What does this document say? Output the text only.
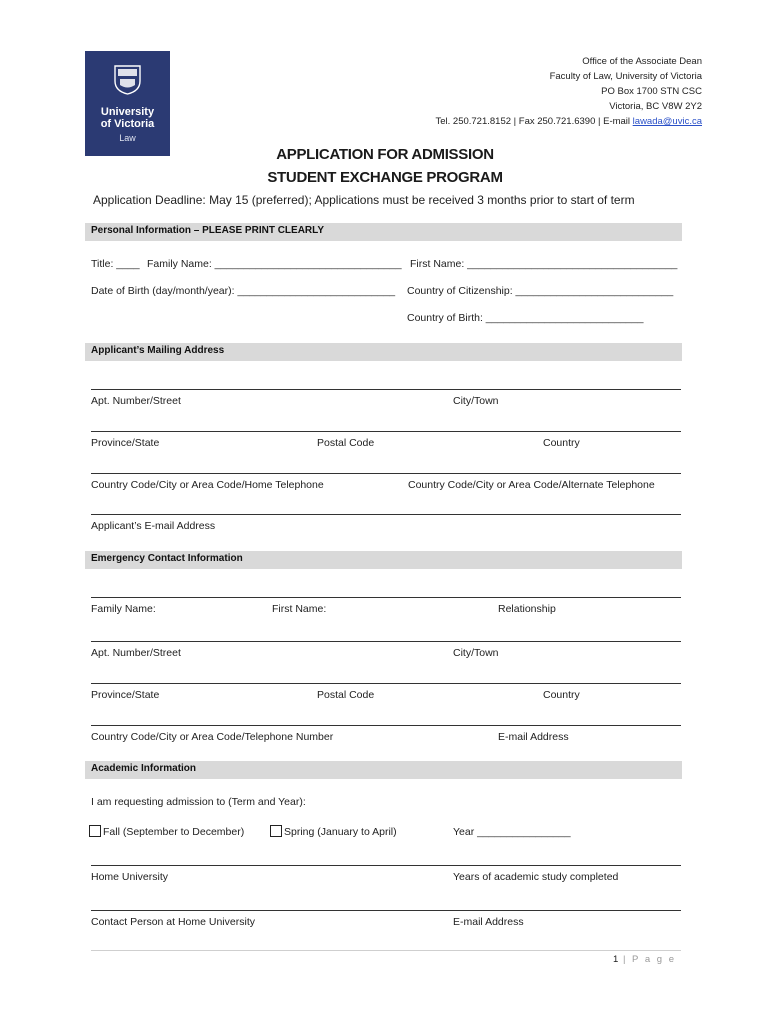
University
of Victoria
Law
Office of the Associate Dean
Faculty of Law, University of Victoria
PO Box 1700 STN CSC
Victoria, BC V8W 2Y2
Tel. 250.721.8152 | Fax 250.721.6390 | E-mail lawada@uvic.ca
APPLICATION FOR ADMISSION
STUDENT EXCHANGE PROGRAM
Application Deadline: May 15 (preferred); Applications must be received 3 months prior to start of term
Personal Information – PLEASE PRINT CLEARLY
Title: ____ Family Name: ________________________________ First Name: ____________________________________
Date of Birth (day/month/year): ___________________________ Country of Citizenship: ___________________________
Country of Birth: ___________________________
Applicant’s Mailing Address
Apt. Number/Street	City/Town
Province/State	Postal Code	Country
Country Code/City or Area Code/Home Telephone	Country Code/City or Area Code/Alternate Telephone
Applicant’s E-mail Address
Emergency Contact Information
Family Name:	First Name:	Relationship
Apt. Number/Street	City/Town
Province/State	Postal Code	Country
Country Code/City or Area Code/Telephone Number	E-mail Address
Academic Information
I am requesting admission to (Term and Year):
Fall (September to December)	Spring (January to April)	Year ________________
Home University	Years of academic study completed
Contact Person at Home University	E-mail Address
1 | P a g e
